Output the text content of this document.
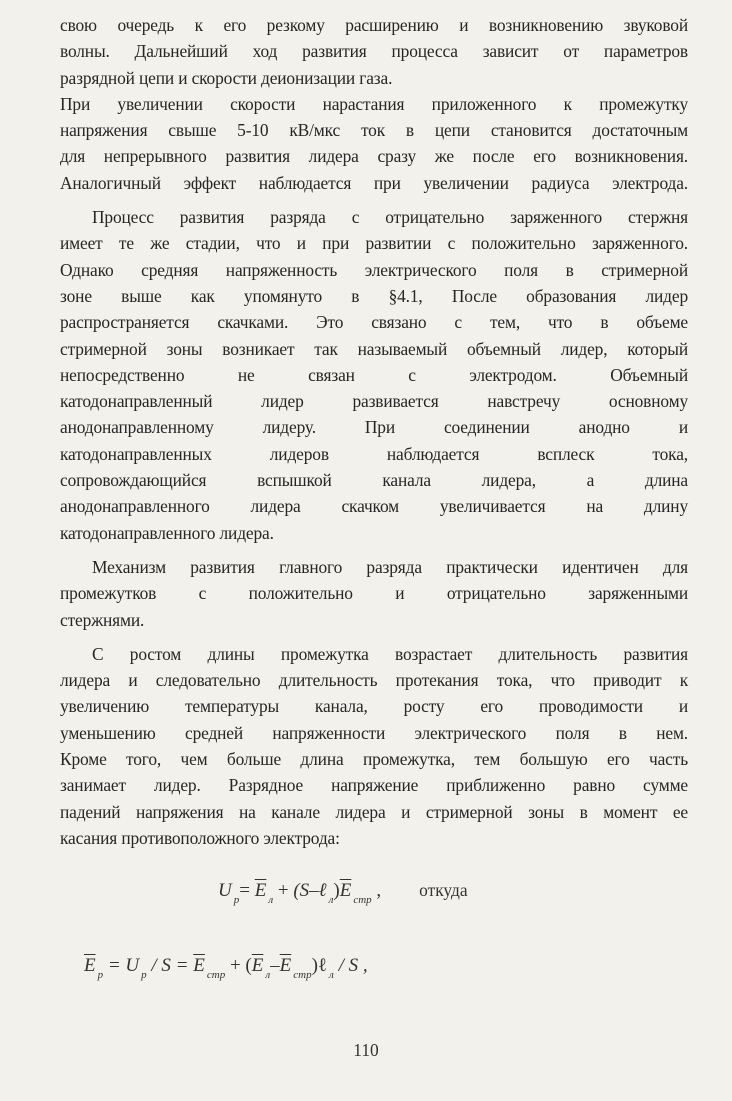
свою очередь к его резкому расширению и возникновению звуковой
волны. Дальнейший ход развития процесса зависит от параметров
разрядной цепи и скорости деионизации газа.

При увеличении скорости нарастания приложенного к промежутку
напряжения свыше 5-10 кВ/мкс ток в цепи становится достаточным
для непрерывного развития лидера сразу же после его возникновения.
Аналогичный эффект наблюдается при увеличении радиуса электрода.

Процесс развития разряда с отрицательно заряженного стержня
имеет те же стадии, что и при развитии с положительно заряженного.
Однако средняя напряженность электрического поля в стримерной
зоне выше как упомянуто в §4.1, После образования лидер
распространяется скачками. Это связано с тем, что в объеме
стримерной зоны возникает так называемый объемный лидер, который
непосредственно не связан с электродом. Объемный
катодонаправленный лидер развивается навстречу основному
анодонаправленному лидеру. При соединении анодно и
катодонаправленных лидеров наблюдается всплеск тока,
сопровождающийся вспышкой канала лидера, а длина
анодонаправленного лидера скачком увеличивается на длину
катодонаправленного лидера.

Механизм развития главного разряда практически идентичен для
промежутков с положительно и отрицательно заряженными
стержнями.

С ростом длины промежутка возрастает длительность развития
лидера и следовательно длительность протекания тока, что приводит к
увеличению температуры канала, росту его проводимости и
уменьшению средней напряженности электрического поля в нем.
Кроме того, чем больше длина промежутка, тем большую его часть
занимает лидер. Разрядное напряжение приближенно равно сумме
падений напряжения на канале лидера и стримерной зоны в момент ее
касания противоположного электрода:

U $_р= \overline{E}$ $_л$ + (S–ℓ $_л)\overline{E}$ $_{стр}$ , откуда
$\overline{E}$ $_р$ = U $_р / S = \overline{E}$ $_{стр} + (\overline{E}$ $_л-\overline{E}$ $_{стр}$)ℓ $_л$ / S ,
110
